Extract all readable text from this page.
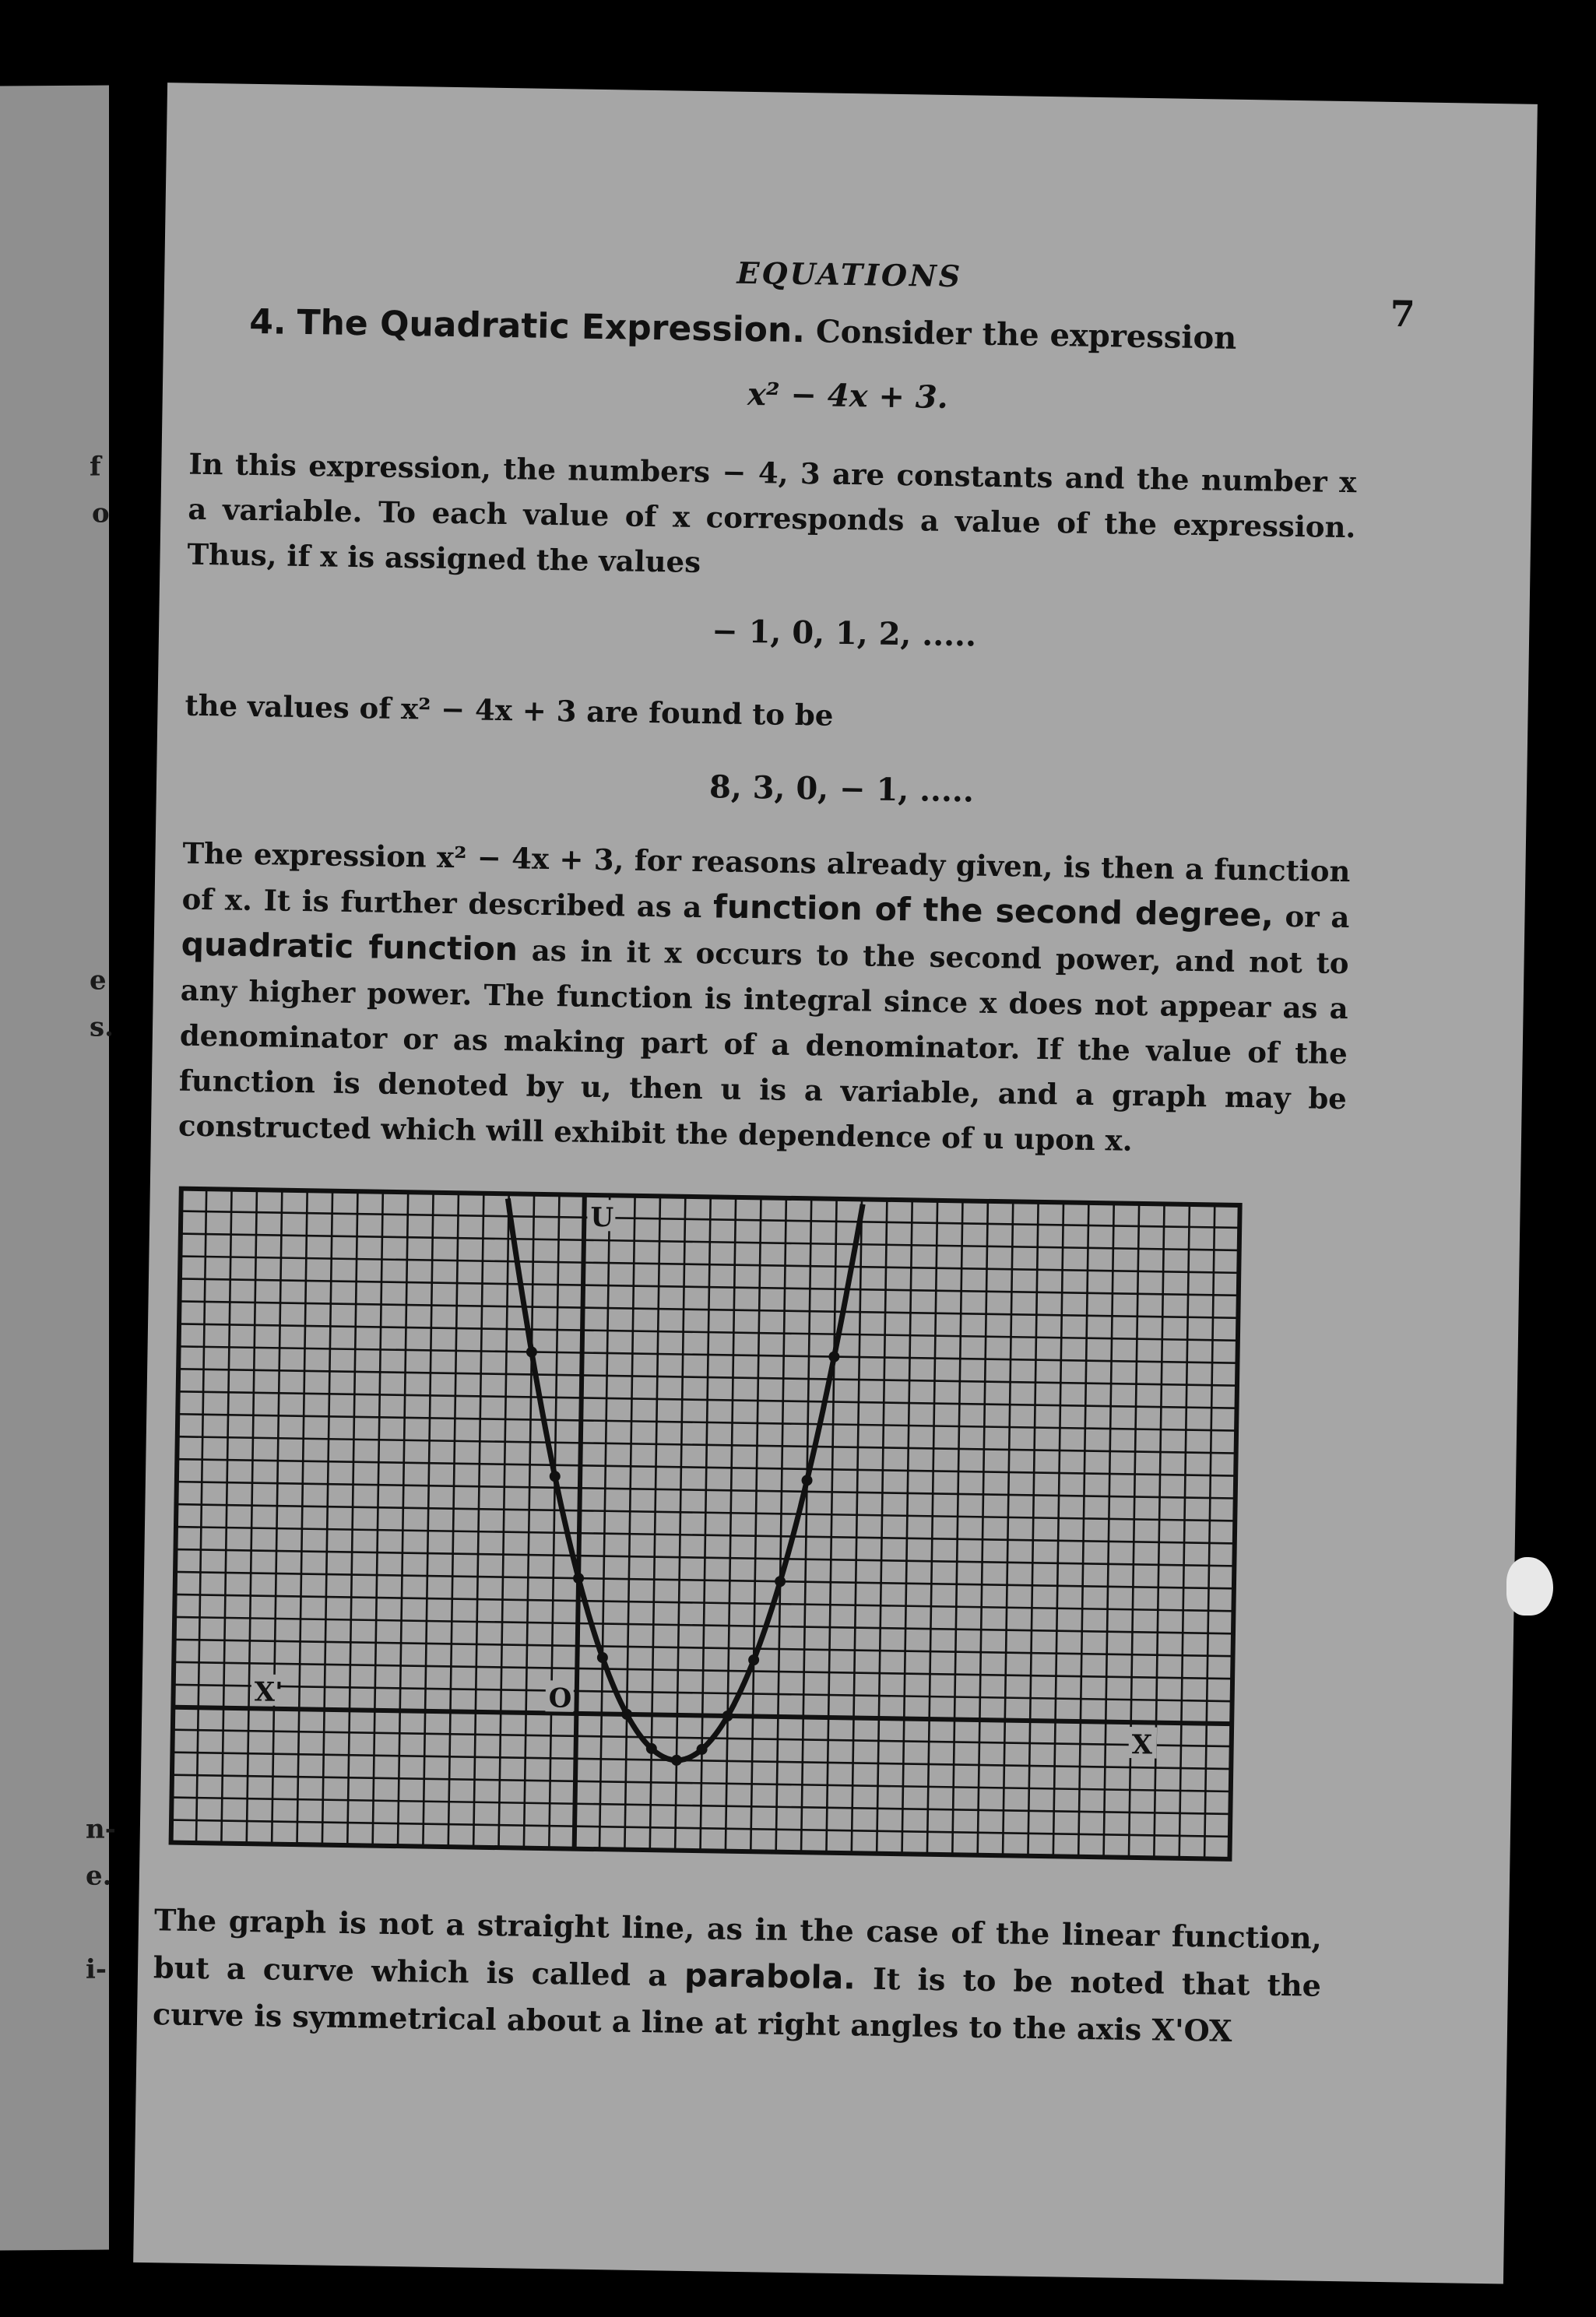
f
o
e
s.
n-
e.
i-
EQUATIONS
7
4. The Quadratic Expression. Consider the expression
x² − 4x + 3.
In this expression, the numbers − 4, 3 are constants and the number x a variable. To each value of x corresponds a value of the expression. Thus, if x is assigned the values
− 1, 0, 1, 2, .....
the values of x² − 4x + 3 are found to be
8, 3, 0, − 1, .....
The expression x² − 4x + 3, for reasons already given, is then a function of x. It is further described as a function of the second degree, or a quadratic function as in it x occurs to the second power, and not to any higher power. The function is integral since x does not appear as a denominator or as making part of a denominator. If the value of the function is denoted by u, then u is a variable, and a graph may be constructed which will exhibit the dependence of u upon x.
U
X'
X
O
The graph is not a straight line, as in the case of the linear function, but a curve which is called a parabola. It is to be noted that the curve is symmetrical about a line at right angles to the axis X'OX
